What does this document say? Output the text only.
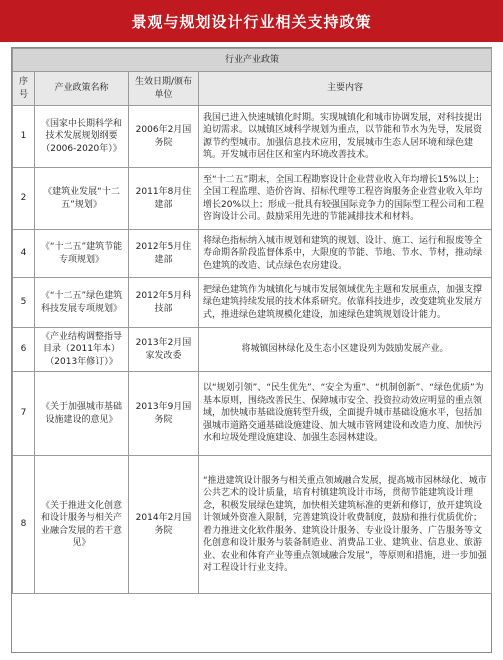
景观与规划设计行业相关支持政策
行业产业政策			
序号	产业政策名称	生效日期/颁布单位	主要内容
1	《国家中长期科学和技术发展规划纲要（2006-2020年）》	2006年2月国务院	我国已进入快速城镇化时期。实现城镇化和城市协调发展，对科技提出迫切需求。以城镇区域科学规划为重点，以节能和节水为先导，发展资源节约型城市。加强信息技术应用，发展城市生态人居环境和绿色建筑。开发城市居住区和室内环境改善技术。
2	《建筑业发展“十二五”规划》	2011年8月住建部	至“十二五”期末，全国工程勘察设计企业营业收入年均增长15%以上；全国工程监理、造价咨询、招标代理等工程咨询服务企业营业收入年均增长20%以上；形成一批具有较强国际竞争力的国际型工程公司和工程咨询设计公司。鼓励采用先进的节能减排技术和材料。
4	《“十二五”建筑节能专项规划》	2012年5月住建部	将绿色指标纳入城市规划和建筑的规划、设计、施工、运行和报废等全寿命期各阶段监督体系中，大限度的节能、节地、节水、节材，推动绿色建筑的改造、试点绿色农房建设。
5	《“十二五”绿色建筑科技发展专项规划》	2012年5月科技部	把绿色建筑作为城镇化与城市发展领域优先主题和发展重点，加强支撑绿色建筑持续发展的技术体系研究。依靠科技进步，改变建筑业发展方式，推进绿色建筑规模化建设，加速绿色建筑规划设计能力。
6	《产业结构调整指导目录（2011年本）（2013年修订）》	2013年2月国家发改委	将城镇园林绿化及生态小区建设列为鼓励发展产业。
7	《关于加强城市基础设施建设的意见》	2013年9月国务院	以“规划引领”、“民生优先”、“安全为重”、“机制创新”、“绿色优质”为基本原则，围绕改善民生、保障城市安全、投资拉动效应明显的重点领域，加快城市基础设施转型升级，全面提升城市基础设施水平，包括加强城市道路交通基础设施建设、加大城市管网建设和改造力度、加快污水和垃圾处理设施建设、加强生态园林建设。
8	《关于推进文化创意和设计服务与相关产业融合发展的若干意见》	2014年2月国务院	“推进建筑设计服务与相关重点领域融合发展，提高城市园林绿化、城市公共艺术的设计质量，培育村镇建筑设计市场，贯彻节能建筑设计理念，积极发展绿色建筑，加快相关建筑标准的更新和修订，放开建筑设计领域外资准入限制，完善建筑设计收费制度，鼓励和推行优质优价；着力推进文化软件服务、建筑设计服务、专业设计服务、广告服务等文化创意和设计服务与装备制造业、消费品工业、建筑业、信息业、旅游业、农业和体育产业等重点领域融合发展”，等原则和措施，进一步加强对工程设计行业支持。
